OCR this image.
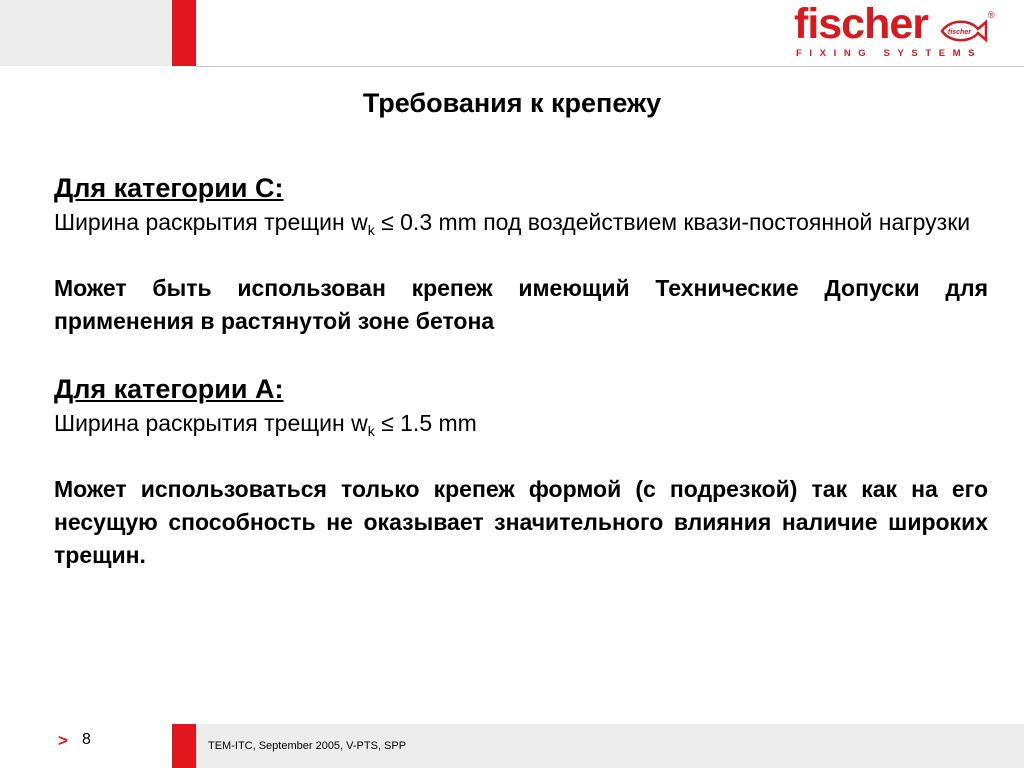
fischer	fischer
®
FIXING SYSTEMS
Требования к крепежу
Для категории C:
Ширина раскрытия трещин $w_k \le 0.3$ mm под воздействием квази-постоянной нагрузки
Может быть использован крепеж имеющий Технические Допуски для применения в растянутой зоне бетона
Для категории A:
Ширина раскрытия трещин $w_k \le 1.5$ mm
Может использоваться только крепеж формой (с подрезкой) так как на его несущую способность не оказывает значительного влияния наличие широких трещин.
> 8	TEM-ITC, September 2005, V-PTS, SPP
